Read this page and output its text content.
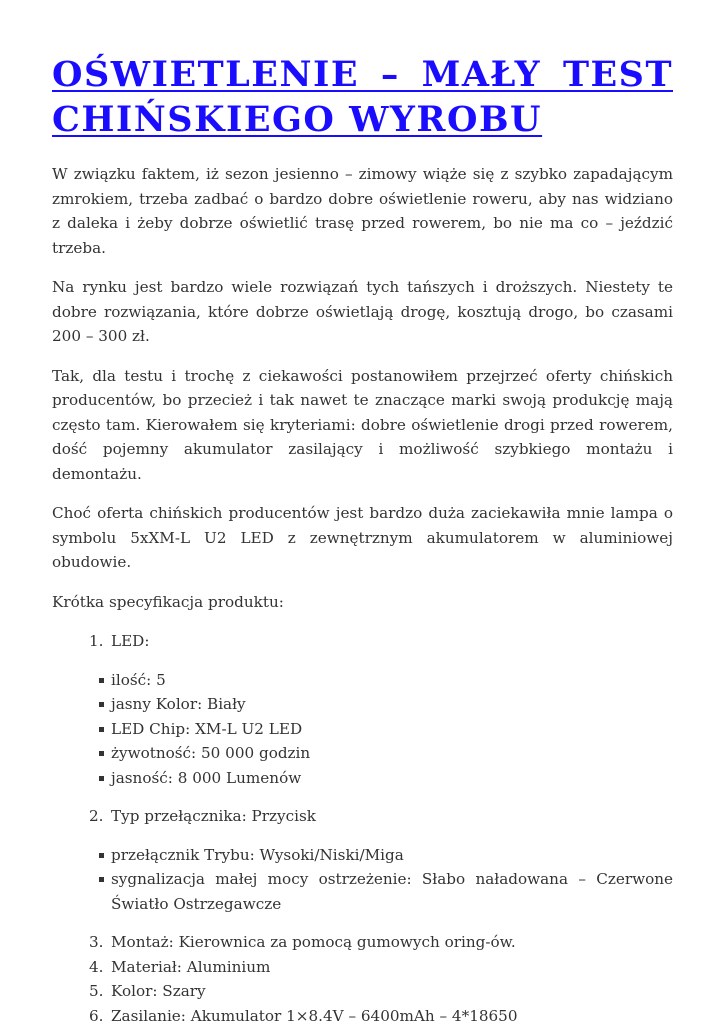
OŚWIETLENIE – MAŁY TEST CHIŃSKIEGO WYROBU

W związku faktem, iż sezon jesienno – zimowy wiąże się z szybko zapadającym zmrokiem, trzeba zadbać o bardzo dobre oświetlenie roweru, aby nas widziano z daleka i żeby dobrze oświetlić trasę przed rowerem, bo nie ma co – jeździć trzeba.

Na rynku jest bardzo wiele rozwiązań tych tańszych i droższych. Niestety te dobre rozwiązania, które dobrze oświetlają drogę, kosztują drogo, bo czasami 200 – 300 zł.

Tak, dla testu i trochę z ciekawości postanowiłem przejrzeć oferty chińskich producentów, bo przecież i tak nawet te znaczące marki swoją produkcję mają często tam. Kierowałem się kryteriami: dobre oświetlenie drogi przed rowerem, dość pojemny akumulator zasilający i możliwość szybkiego montażu i demontażu.

Choć oferta chińskich producentów jest bardzo duża zaciekawiła mnie lampa o symbolu 5xXM-L U2 LED z zewnętrznym akumulatorem w aluminiowej obudowie.

Krótka specyfikacja produktu:

1. LED:
ilość: 5
jasny Kolor: Biały
LED Chip: XM-L U2 LED
żywotność: 50 000 godzin
jasność: 8 000 Lumenów
2. Typ przełącznika: Przycisk
przełącznik Trybu: Wysoki/Niski/Miga
sygnalizacja małej mocy ostrzeżenie: Słabo naładowana – Czerwone Światło Ostrzegawcze
3. Montaż: Kierownica za pomocą gumowych oring-ów.
4. Materiał: Aluminium
5. Kolor: Szary
6. Zasilanie: Akumulator 1×8.4V – 6400mAh – 4*18650
